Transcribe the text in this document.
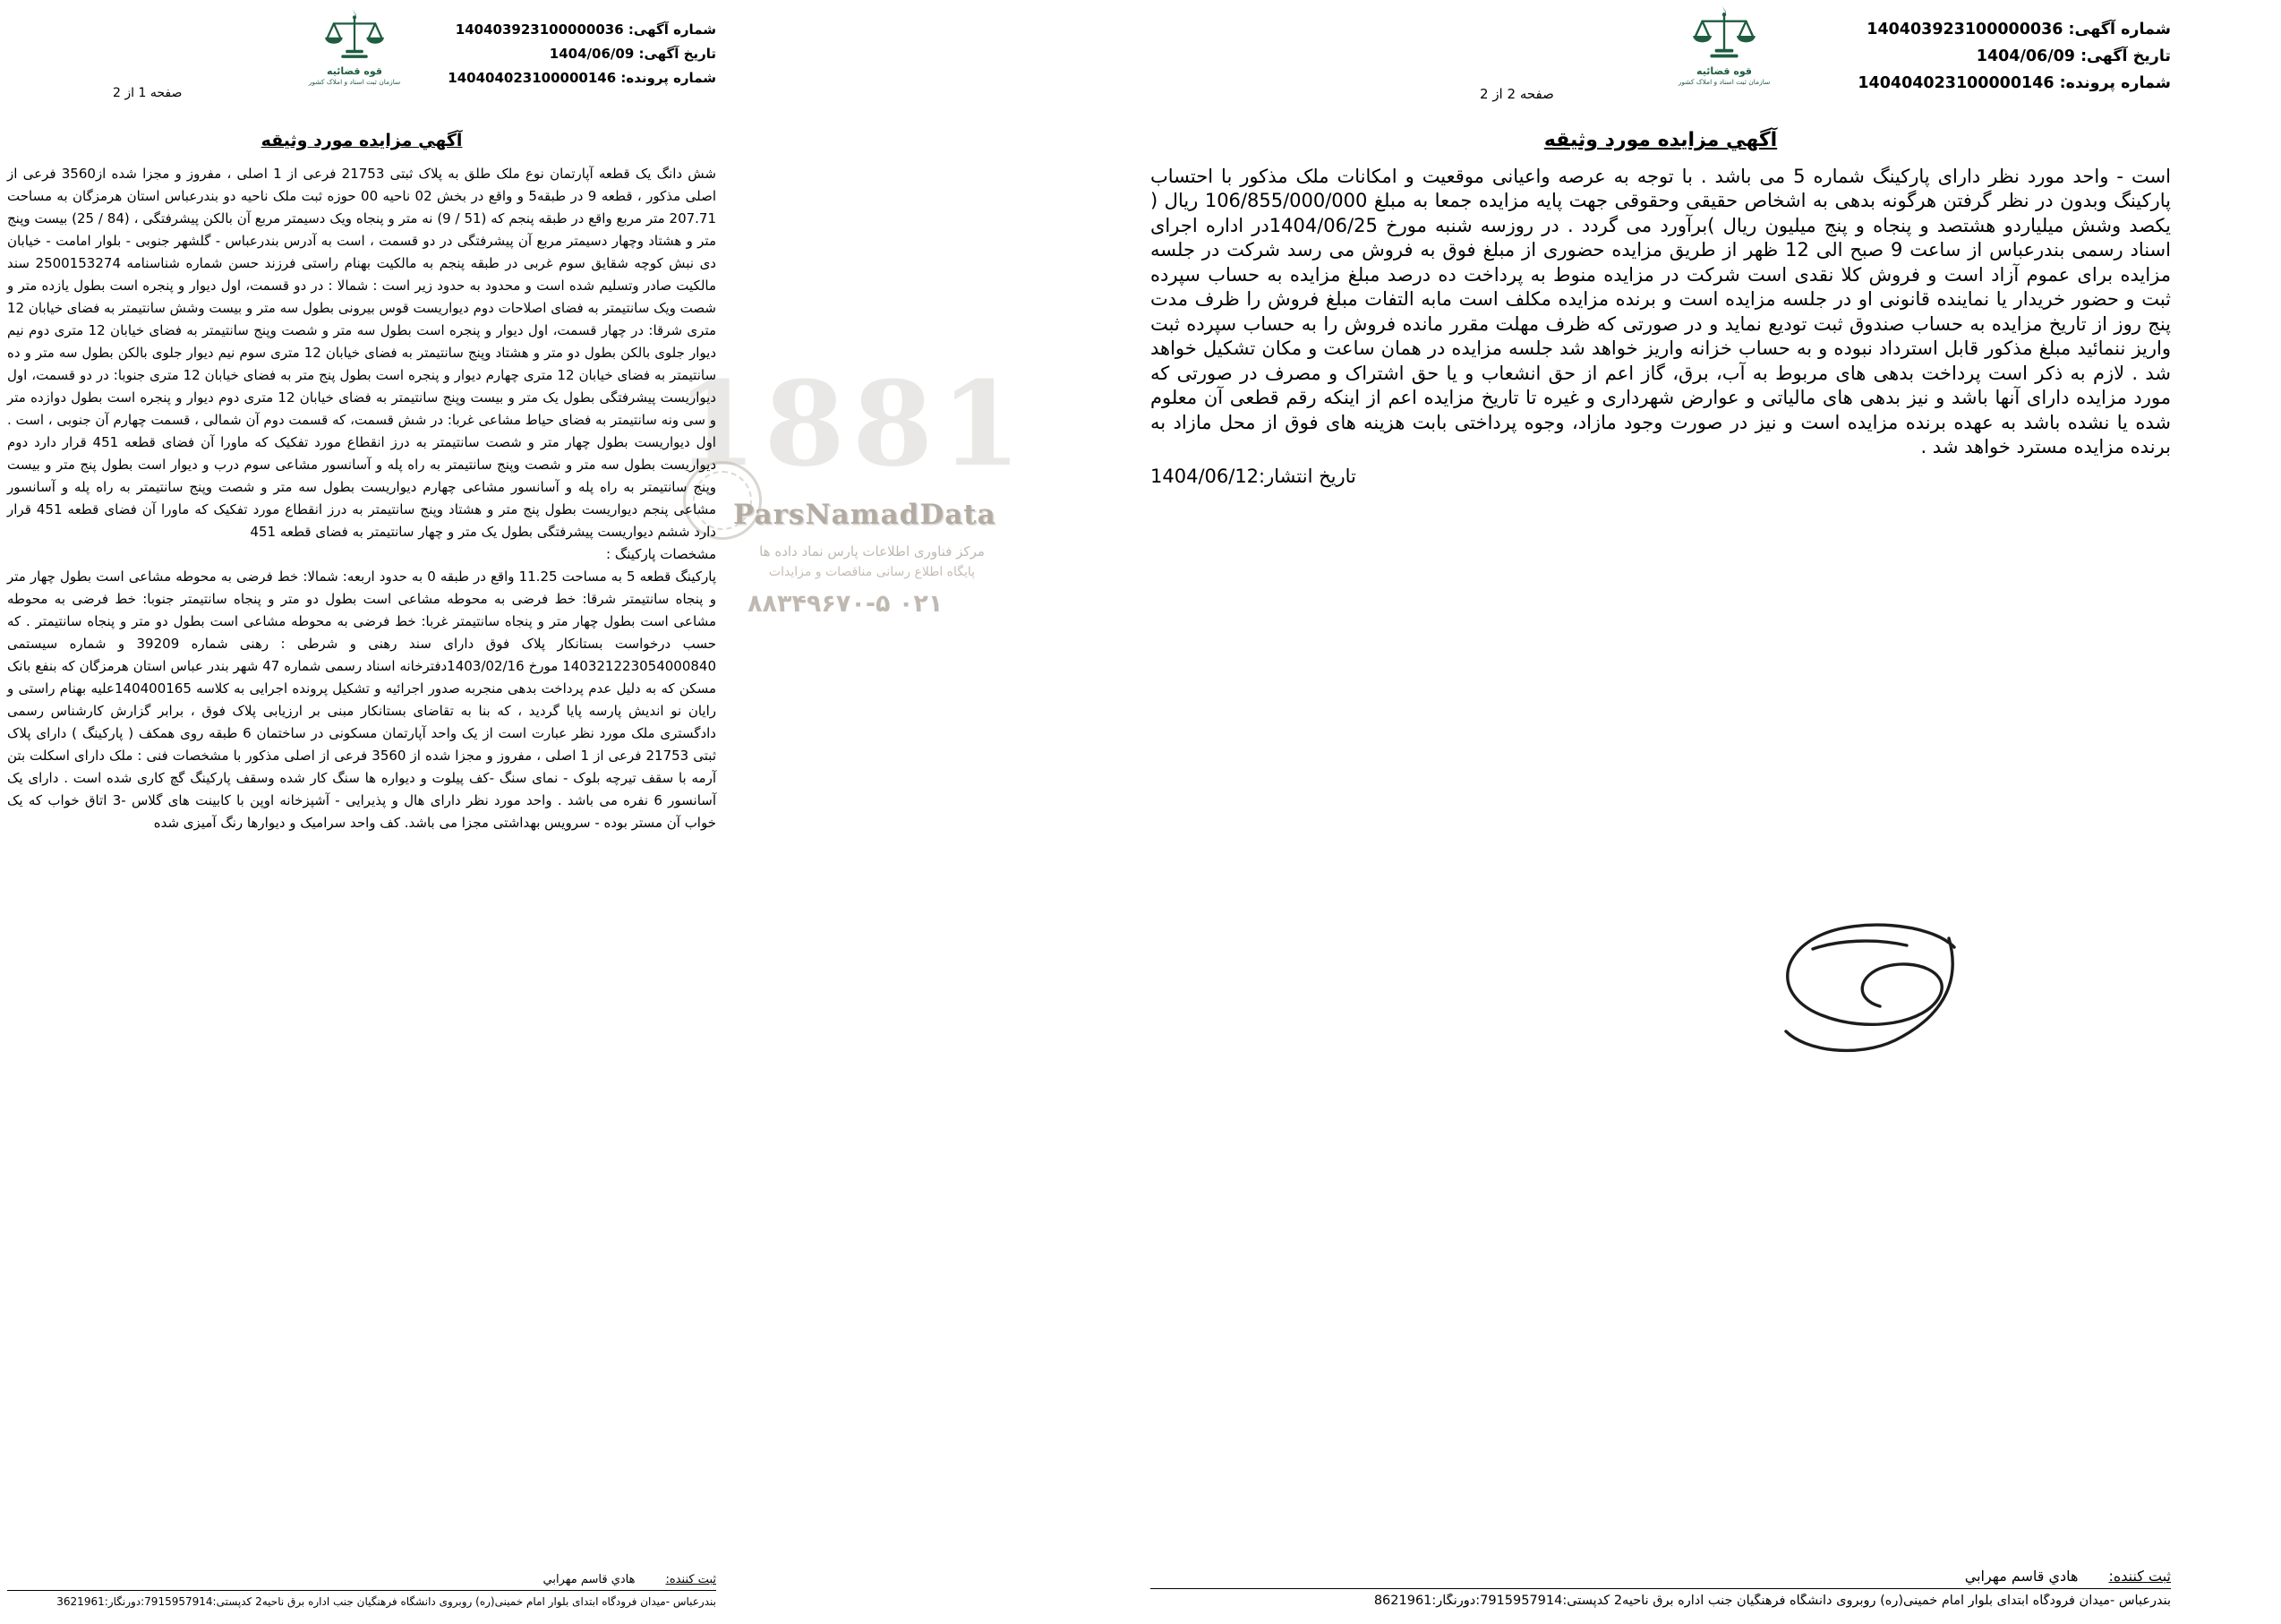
1881
ParsNamadData
مرکز فناوری اطلاعات پارس نماد داده ها
پایگاه اطلاع رسانی مناقصات و مزایدات
۸۸۳۴۹۶۷۰-۵ ۰۲۱
صفحه 1 از 2
قوه قضائیه
سازمان ثبت اسناد و املاک کشور
شماره آگهی: 140403923100000036
تاریخ آگهی: 1404/06/09
شماره پرونده: 140404023100000146
آگهي مزايده مورد وثيقه
شش دانگ یک قطعه آپارتمان نوع ملک طلق به پلاک ثبتی 21753 فرعی از 1 اصلی ، مفروز و مجزا شده از3560 فرعی از اصلی مذکور ، قطعه 9 در طبقه5 و واقع در بخش 02 ناحیه 00 حوزه ثبت ملک ناحیه دو بندرعباس استان هرمزگان به مساحت 207.71 متر مربع واقع در طبقه پنجم که (51 / 9) نه متر و پنجاه ویک دسیمتر مربع آن بالکن پیشرفتگی ، (84 / 25) بیست وپنج متر و هشتاد وچهار دسیمتر مربع آن پیشرفتگی در دو قسمت ، است به آدرس بندرعباس - گلشهر جنوبی - بلوار امامت - خیابان دی نبش کوچه شقایق سوم غربی در طبقه پنجم به مالکیت بهنام راستی فرزند حسن شماره شناسنامه 2500153274 سند مالکیت صادر وتسلیم شده است و محدود به حدود زیر است : شمالا : در دو قسمت، اول دیوار و پنجره است بطول یازده متر و شصت ویک سانتیمتر به فضای اصلاحات دوم دیواریست قوس بیرونی بطول سه متر و بیست وشش سانتیمتر به فضای خیابان 12 متری شرقا: در چهار قسمت، اول دیوار و پنجره است بطول سه متر و شصت وپنج سانتیمتر به فضای خیابان 12 متری دوم نیم دیوار جلوی بالکن بطول دو متر و هشتاد وپنج سانتیمتر به فضای خیابان 12 متری سوم نیم دیوار جلوی بالکن بطول سه متر و ده سانتیمتر به فضای خیابان 12 متری چهارم دیوار و پنجره است بطول پنج متر به فضای خیابان 12 متری جنوبا: در دو قسمت، اول دیواریست پیشرفتگی بطول یک متر و بیست وپنج سانتیمتر به فضای خیابان 12 متری دوم دیوار و پنجره است بطول دوازده متر و سی ونه سانتیمتر به فضای حیاط مشاعی غربا: در شش قسمت، که قسمت دوم آن شمالی ، قسمت چهارم آن جنوبی ، است . اول دیواریست بطول چهار متر و شصت سانتیمتر به درز انقطاع مورد تفکیک که ماورا آن فضای قطعه 451 قرار دارد دوم دیواریست بطول سه متر و شصت وپنج سانتیمتر به راه پله و آسانسور مشاعی سوم درب و دیوار است بطول پنج متر و بیست وپنج سانتیمتر به راه پله و آسانسور مشاعی چهارم دیواریست بطول سه متر و شصت وپنج سانتیمتر به راه پله و آسانسور مشاعی پنجم دیواریست بطول پنج متر و هشتاد وپنج سانتیمتر به درز انقطاع مورد تفکیک که ماورا آن فضای قطعه 451 قرار دارد ششم دیواریست پیشرفتگی بطول یک متر و چهار سانتیمتر به فضای قطعه 451
مشخصات پارکینگ :
پارکینگ قطعه 5 به مساحت 11.25 واقع در طبقه 0 به حدود اربعه: شمالا: خط فرضی به محوطه مشاعی است بطول چهار متر و پنجاه سانتیمتر شرقا: خط فرضی به محوطه مشاعی است بطول دو متر و پنجاه سانتیمتر جنوبا: خط فرضی به محوطه مشاعی است بطول چهار متر و پنجاه سانتیمتر غربا: خط فرضی به محوطه مشاعی است بطول دو متر و پنجاه سانتیمتر . که حسب درخواست بستانکار پلاک فوق دارای سند رهنی و شرطی : رهنی شماره 39209 و شماره سیستمی 140321223054000840 مورخ 1403/02/16دفترخانه اسناد رسمی شماره 47 شهر بندر عباس استان هرمزگان که بنفع بانک مسکن که به دلیل عدم پرداخت بدهی منجربه صدور اجرائیه و تشکیل پرونده اجرایی به کلاسه 140400165علیه بهنام راستی و رایان نو اندیش پارسه پایا گردید ، که بنا به تقاضای بستانکار مبنی بر ارزیابی پلاک فوق ، برابر گزارش کارشناس رسمی دادگستری ملک مورد نظر عبارت است از یک واحد آپارتمان مسکونی در ساختمان 6 طبقه روی همکف ( پارکینگ ) دارای پلاک ثبتی 21753 فرعی از 1 اصلی ، مفروز و مجزا شده از 3560 فرعی از اصلی مذکور با مشخصات فنی : ملک دارای اسکلت بتن آرمه با سقف تیرچه بلوک - نمای سنگ -کف پیلوت و دیواره ها سنگ کار شده وسقف پارکینگ گچ کاری شده است . دارای یک آسانسور 6 نفره می باشد . واحد مورد نظر دارای هال و پذیرایی - آشپزخانه اوپن با کابینت های گلاس -3 اتاق خواب که یک خواب آن مستر بوده - سرویس بهداشتی مجزا می باشد. کف واحد سرامیک و دیوارها رنگ آمیزی شده
ثبت کننده:
هادي قاسم مهرابي
بندرعباس -میدان فرودگاه ابتدای بلوار امام خمینی(ره) روبروی دانشگاه فرهنگیان جنب اداره برق ناحیه2 کدپستی:7915957914:دورنگار:3621961
صفحه 2 از 2
قوه قضائیه
سازمان ثبت اسناد و املاک کشور
شماره آگهی: 140403923100000036
تاریخ آگهی: 1404/06/09
شماره پرونده: 140404023100000146
آگهي مزايده مورد وثيقه
است - واحد مورد نظر دارای پارکینگ شماره 5 می باشد . با توجه به عرصه واعیانی موقعیت و امکانات ملک مذکور با احتساب پارکینگ وبدون در نظر گرفتن هرگونه بدهی به اشخاص حقیقی وحقوقی جهت پایه مزایده جمعا به مبلغ 106/855/000/000 ریال ( یکصد وشش میلیاردو هشتصد و پنجاه و پنج میلیون ریال )برآورد می گردد . در روزسه شنبه مورخ 1404/06/25در اداره اجرای اسناد رسمی بندرعباس از ساعت 9 صبح الی 12 ظهر از طریق مزایده حضوری از مبلغ فوق به فروش می رسد شرکت در جلسه مزایده برای عموم آزاد است و فروش کلا نقدی است شرکت در مزایده منوط به پرداخت ده درصد مبلغ مزایده به حساب سپرده ثبت و حضور خریدار یا نماینده قانونی او در جلسه مزایده است و برنده مزایده مکلف است مابه التفات مبلغ فروش را ظرف مدت پنج روز از تاریخ مزایده به حساب صندوق ثبت تودیع نماید و در صورتی که ظرف مهلت مقرر مانده فروش را به حساب سپرده ثبت واریز ننمائید مبلغ مذکور قابل استرداد نبوده و به حساب خزانه واریز خواهد شد جلسه مزایده در همان ساعت و مکان تشکیل خواهد شد . لازم به ذکر است پرداخت بدهی های مربوط به آب، برق، گاز اعم از حق انشعاب و یا حق اشتراک و مصرف در صورتی که مورد مزایده دارای آنها باشد و نیز بدهی های مالیاتی و عوارض شهرداری و غیره تا تاریخ مزایده اعم از اینکه رقم قطعی آن معلوم شده یا نشده باشد به عهده برنده مزایده است و نیز در صورت وجود مازاد، وجوه پرداختی بابت هزینه های فوق از محل مازاد به برنده مزایده مسترد خواهد شد .
تاریخ انتشار:1404/06/12
ثبت کننده:
هادي قاسم مهرابي
بندرعباس -میدان فرودگاه ابتدای بلوار امام خمینی(ره) روبروی دانشگاه فرهنگیان جنب اداره برق ناحیه2 کدپستی:7915957914:دورنگار:8621961
